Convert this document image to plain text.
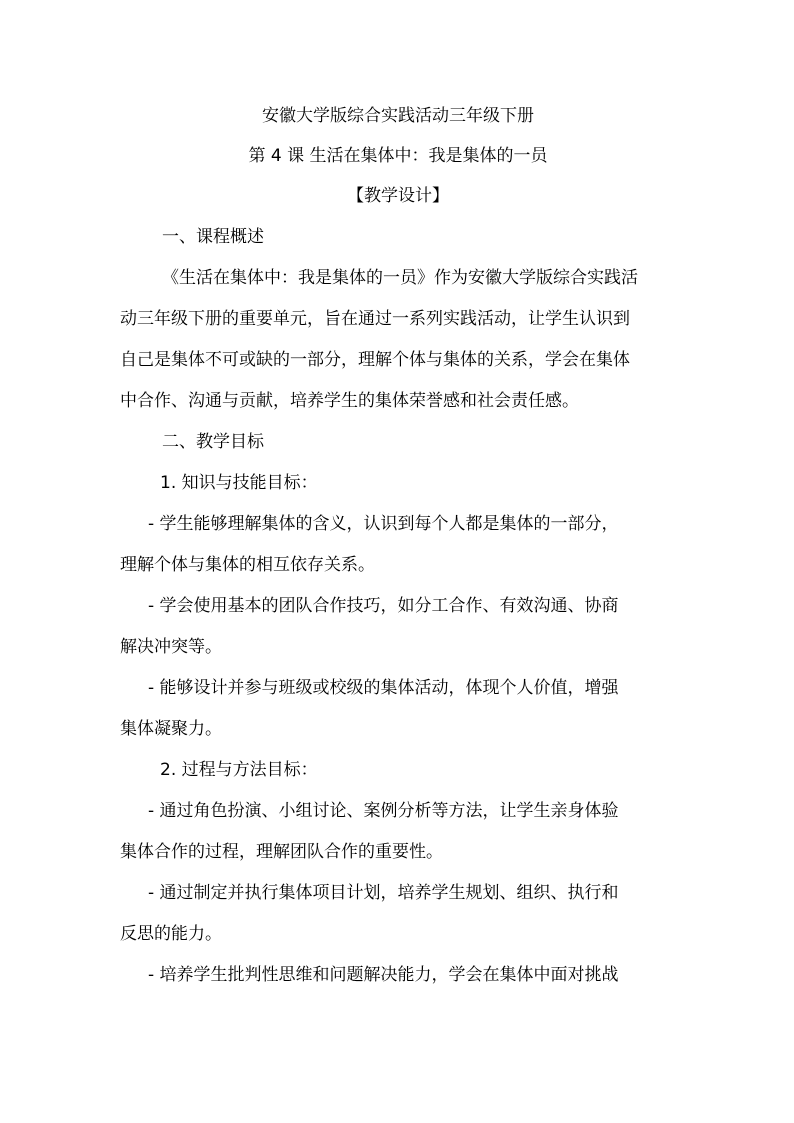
安徽大学版综合实践活动三年级下册

第 4 课 生活在集体中：我是集体的一员

【教学设计】

一、课程概述

《生活在集体中：我是集体的一员》作为安徽大学版综合实践活

动三年级下册的重要单元，旨在通过一系列实践活动，让学生认识到

自己是集体不可或缺的一部分，理解个体与集体的关系，学会在集体

中合作、沟通与贡献，培养学生的集体荣誉感和社会责任感。

二、教学目标

1. 知识与技能目标：

- 学生能够理解集体的含义，认识到每个人都是集体的一部分，

理解个体与集体的相互依存关系。

- 学会使用基本的团队合作技巧，如分工合作、有效沟通、协商

解决冲突等。

- 能够设计并参与班级或校级的集体活动，体现个人价值，增强

集体凝聚力。

2. 过程与方法目标：

- 通过角色扮演、小组讨论、案例分析等方法，让学生亲身体验

集体合作的过程，理解团队合作的重要性。

- 通过制定并执行集体项目计划，培养学生规划、组织、执行和

反思的能力。

- 培养学生批判性思维和问题解决能力，学会在集体中面对挑战
